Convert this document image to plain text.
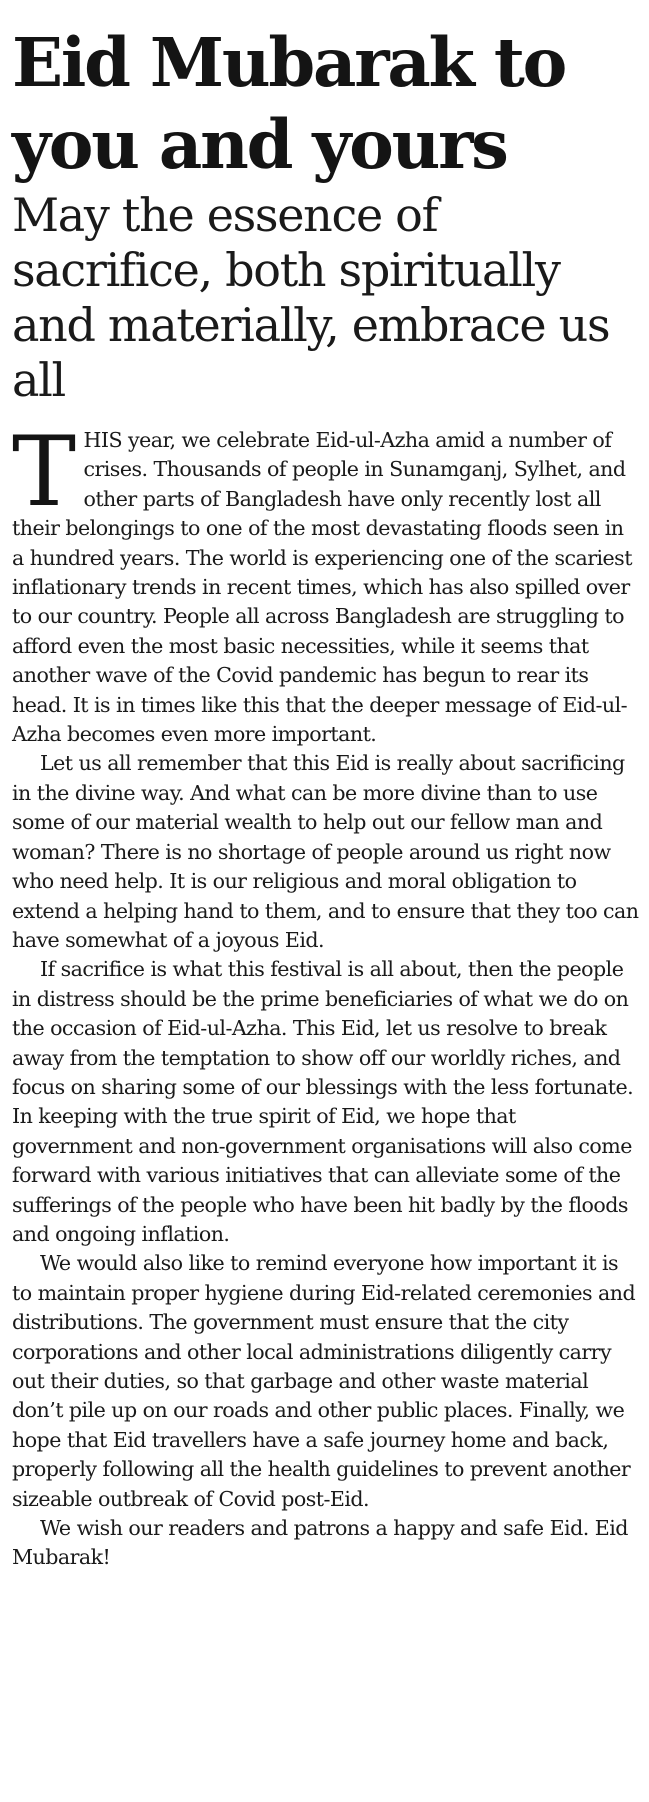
Eid Mubarak to you and yours
May the essence of sacrifice, both spiritually and materially, embrace us all

THIS year, we celebrate Eid-ul-Azha amid a number of crises. Thousands of people in Sunamganj, Sylhet, and other parts of Bangladesh have only recently lost all their belongings to one of the most devastating floods seen in a hundred years. The world is experiencing one of the scariest inflationary trends in recent times, which has also spilled over to our country. People all across Bangladesh are struggling to afford even the most basic necessities, while it seems that another wave of the Covid pandemic has begun to rear its head. It is in times like this that the deeper message of Eid-ul-Azha becomes even more important.

Let us all remember that this Eid is really about sacrificing in the divine way. And what can be more divine than to use some of our material wealth to help out our fellow man and woman? There is no shortage of people around us right now who need help. It is our religious and moral obligation to extend a helping hand to them, and to ensure that they too can have somewhat of a joyous Eid.

If sacrifice is what this festival is all about, then the people in distress should be the prime beneficiaries of what we do on the occasion of Eid-ul-Azha. This Eid, let us resolve to break away from the temptation to show off our worldly riches, and focus on sharing some of our blessings with the less fortunate. In keeping with the true spirit of Eid, we hope that government and non-government organisations will also come forward with various initiatives that can alleviate some of the sufferings of the people who have been hit badly by the floods and ongoing inflation.

We would also like to remind everyone how important it is to maintain proper hygiene during Eid-related ceremonies and distributions. The government must ensure that the city corporations and other local administrations diligently carry out their duties, so that garbage and other waste material don’t pile up on our roads and other public places. Finally, we hope that Eid travellers have a safe journey home and back, properly following all the health guidelines to prevent another sizeable outbreak of Covid post-Eid.

We wish our readers and patrons a happy and safe Eid. Eid Mubarak!
